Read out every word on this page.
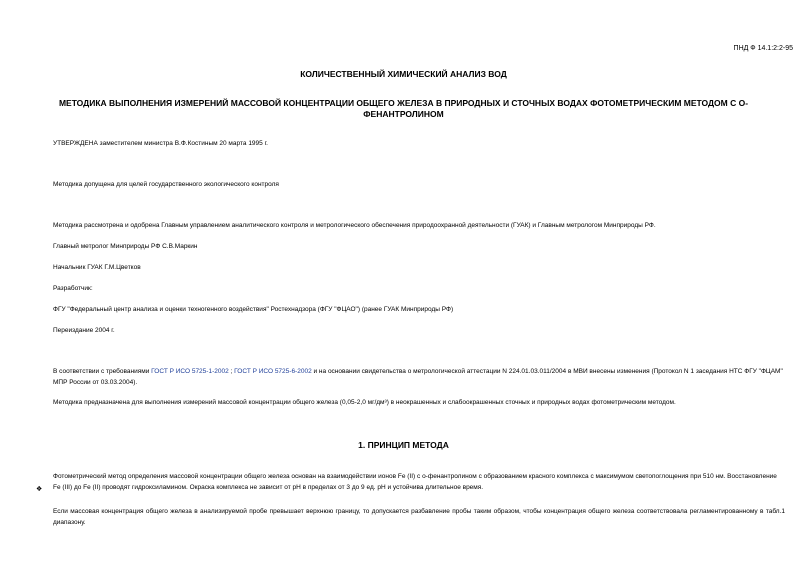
ПНД Ф 14.1:2:2-95
КОЛИЧЕСТВЕННЫЙ ХИМИЧЕСКИЙ АНАЛИЗ ВОД
МЕТОДИКА ВЫПОЛНЕНИЯ ИЗМЕРЕНИЙ МАССОВОЙ КОНЦЕНТРАЦИИ ОБЩЕГО ЖЕЛЕЗА В ПРИРОДНЫХ И СТОЧНЫХ ВОДАХ ФОТОМЕТРИЧЕСКИМ МЕТОДОМ С О-ФЕНАНТРОЛИНОМ
УТВЕРЖДЕНА заместителем министра В.Ф.Костиным 20 марта 1995 г.
Методика допущена для целей государственного экологического контроля
Методика рассмотрена и одобрена Главным управлением аналитического контроля и метрологического обеспечения природоохранной деятельности (ГУАК) и Главным метрологом Минприроды РФ.
Главный метролог Минприроды РФ С.В.Маркин
Начальник ГУАК Г.М.Цветков
Разработчик:
ФГУ "Федеральный центр анализа и оценки техногенного воздействия" Ростехнадзора (ФГУ "ФЦАО") (ранее ГУАК Минприроды РФ)
Переиздание 2004 г.
В соответствии с требованиями ГОСТ Р ИСО 5725-1-2002 ; ГОСТ Р ИСО 5725-6-2002 и на основании свидетельства о метрологической аттестации N 224.01.03.011/2004 в МВИ внесены изменения (Протокол N 1 заседания НТС ФГУ "ФЦАМ" МПР России от 03.03.2004).
Методика предназначена для выполнения измерений массовой концентрации общего железа (0,05-2,0 мг/дм³) в неокрашенных и слабоокрашенных сточных и природных водах фотометрическим методом.
1. ПРИНЦИП МЕТОДА
Фотометрический метод определения массовой концентрации общего железа основан на взаимодействии ионов Fe (II) с о-фенантролином с образованием красного комплекса с максимумом светопоглощения при 510 нм. Восстановление Fe (III) до Fe (II) проводят гидроксиламином. Окраска комплекса не зависит от pH в пределах от 3 до 9 ед. pH и устойчива длительное время.
❖
Если массовая концентрация общего железа в анализируемой пробе превышает верхнюю границу, то допускается разбавление пробы таким образом, чтобы концентрация общего железа соответствовала регламентированному в табл.1 диапазону.
